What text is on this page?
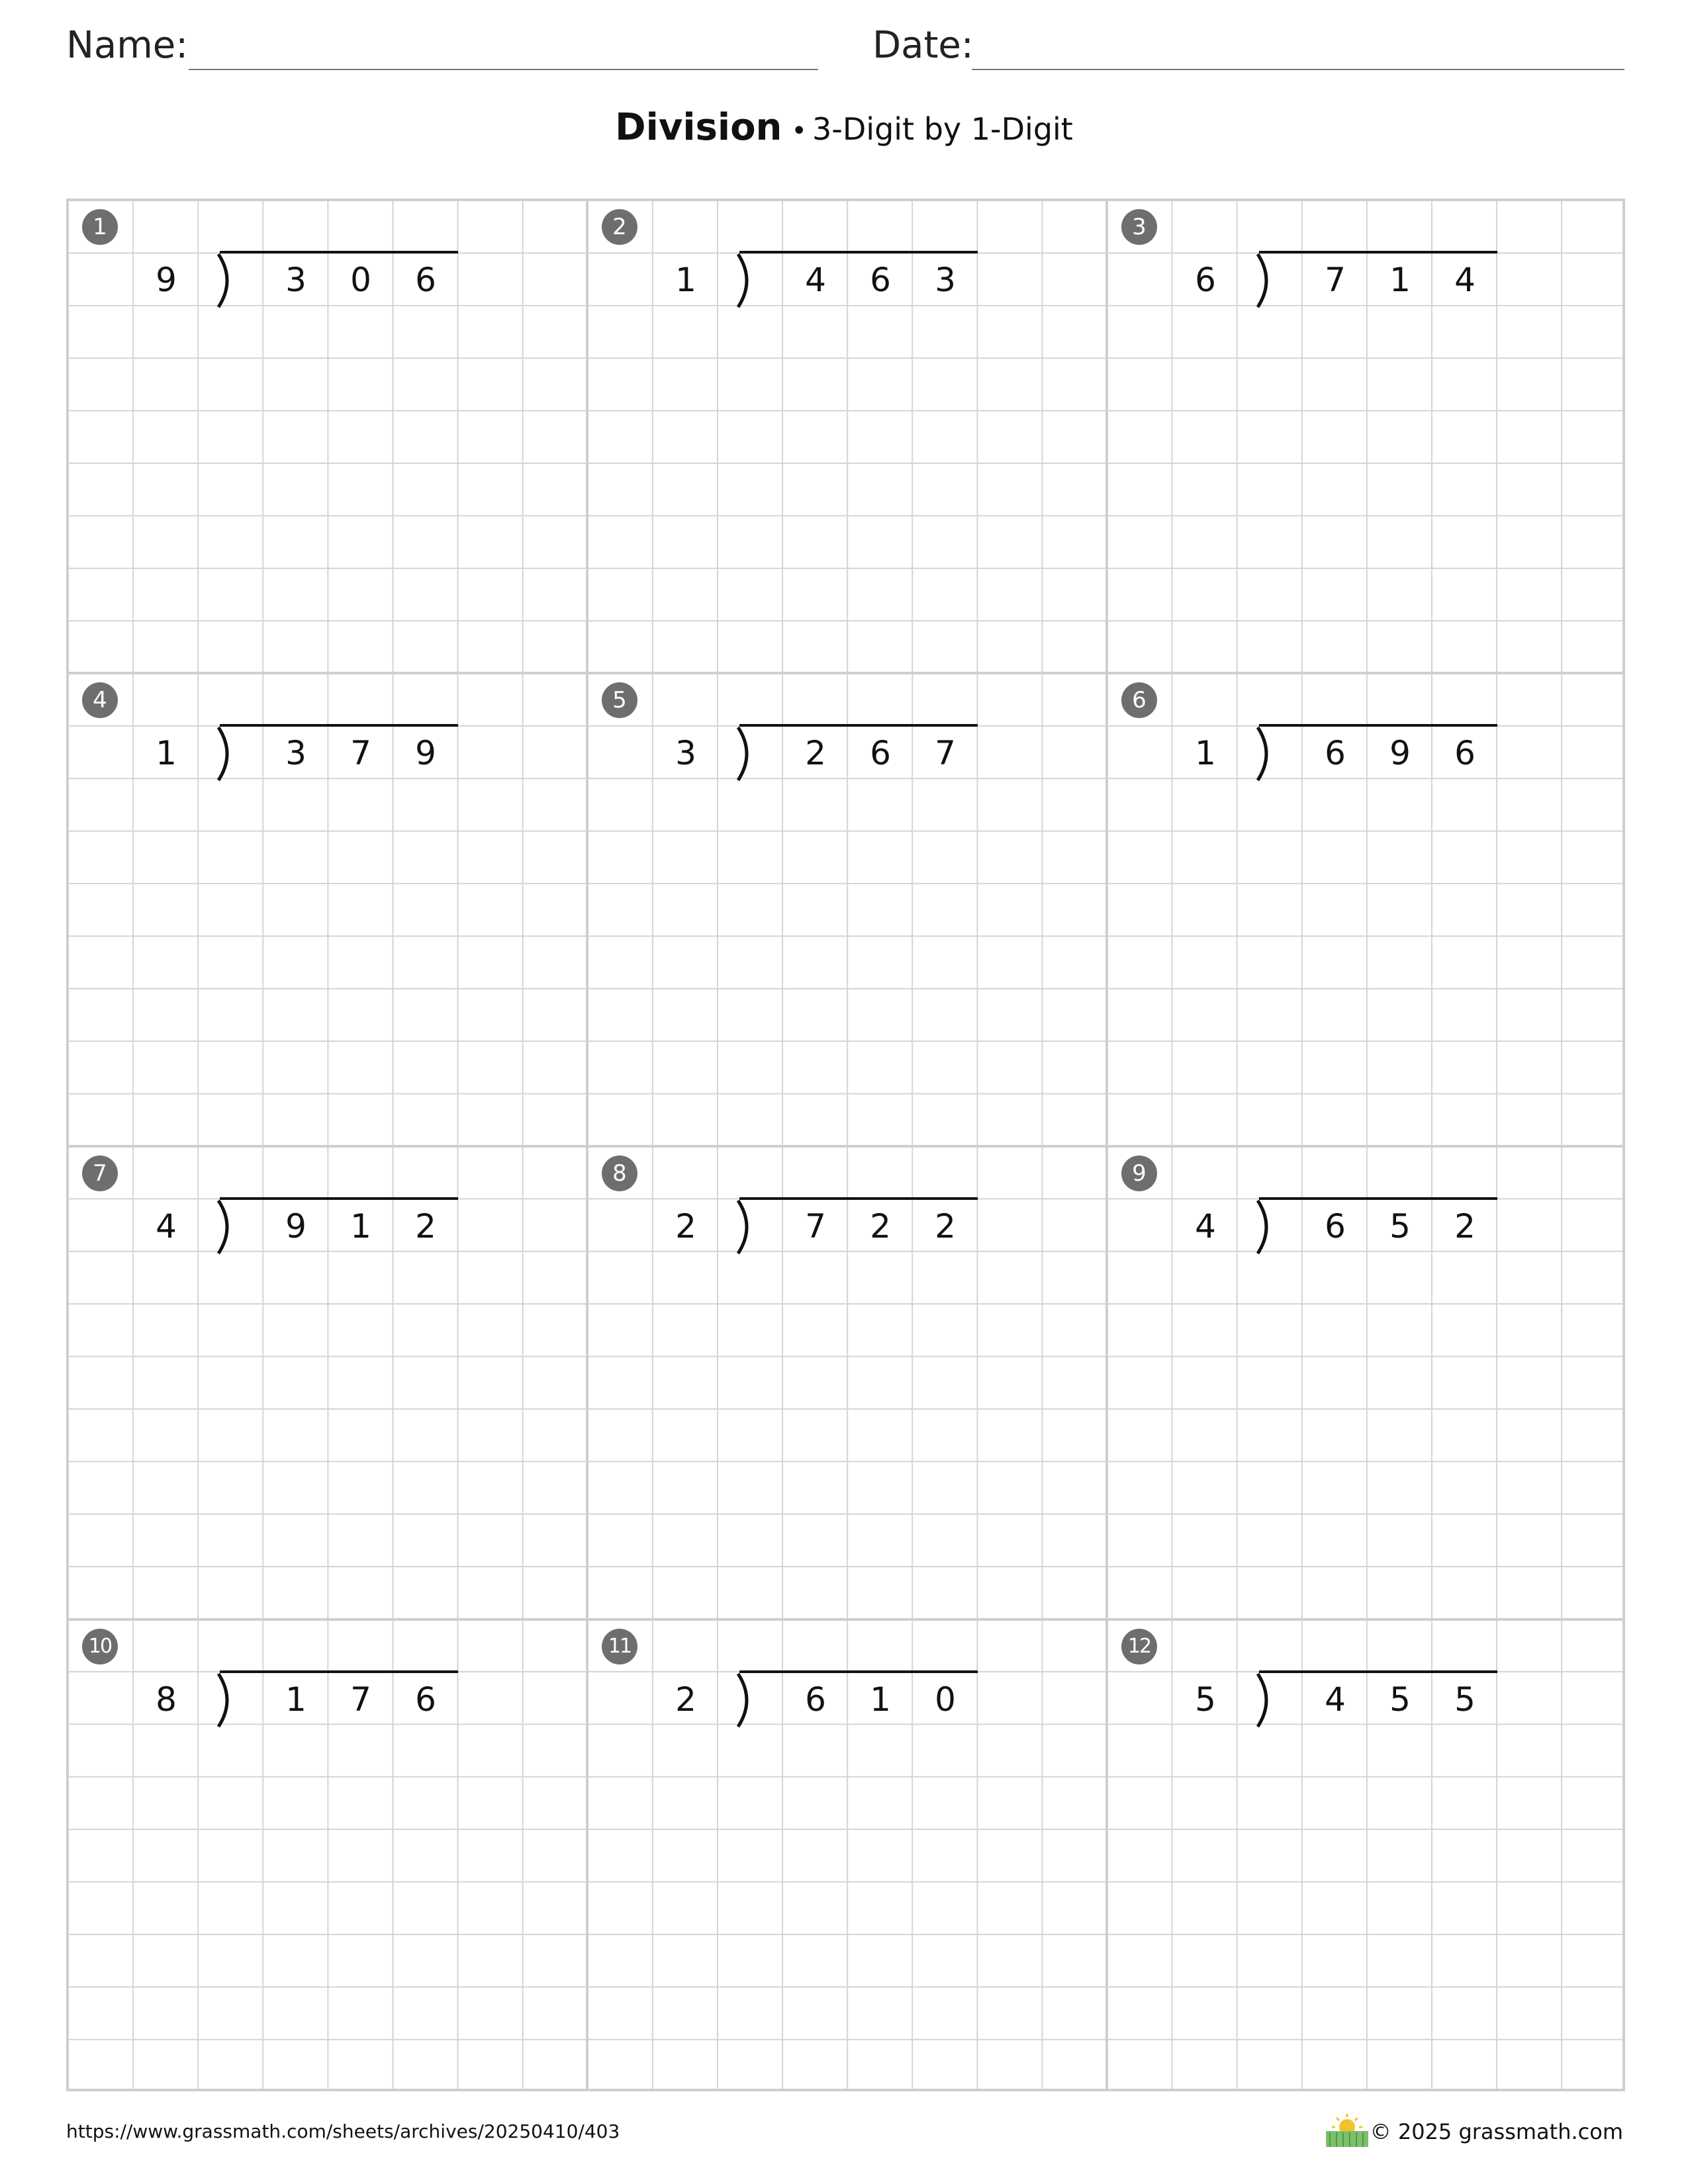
Name:	Date:
Division • 3-Digit by 1-Digit
1
9	3	0	6
2
1	4	6	3
3
6	7	1	4
4
1	3	7	9
5
3	2	6	7
6
1	6	9	6
7
4	9	1	2
8
2	7	2	2
9
4	6	5	2
10
8	1	7	6
11
2	6	1	0
12
5	4	5	5
https://www.grassmath.com/sheets/archives/20250410/403	© 2025 grassmath.com
